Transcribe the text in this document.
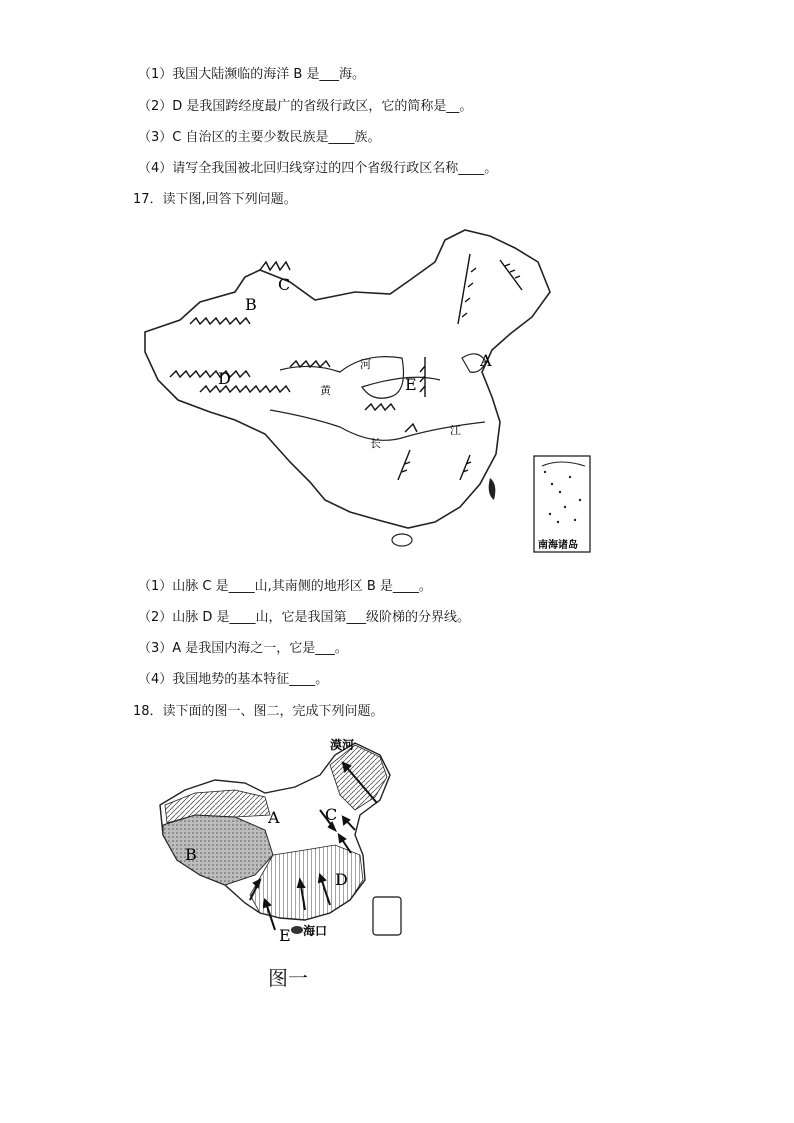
（1）我国大陆濒临的海洋 B 是___海。
（2）D 是我国跨经度最广的省级行政区，它的简称是__。
（3）C 自治区的主要少数民族是____族。
（4）请写全我国被北回归线穿过的四个省级行政区名称____。
17．读下图,回答下列问题。
C
B
D	E
A
河
黄
长
江
南海诸岛
（1）山脉 C 是____山,其南侧的地形区 B 是____。
（2）山脉 D 是____山，它是我国第___级阶梯的分界线。
（3）A 是我国内海之一，它是___。
（4）我国地势的基本特征____。
18．读下面的图一、图二，完成下列问题。
漠河
A
B
C
D
E 海口
图一
